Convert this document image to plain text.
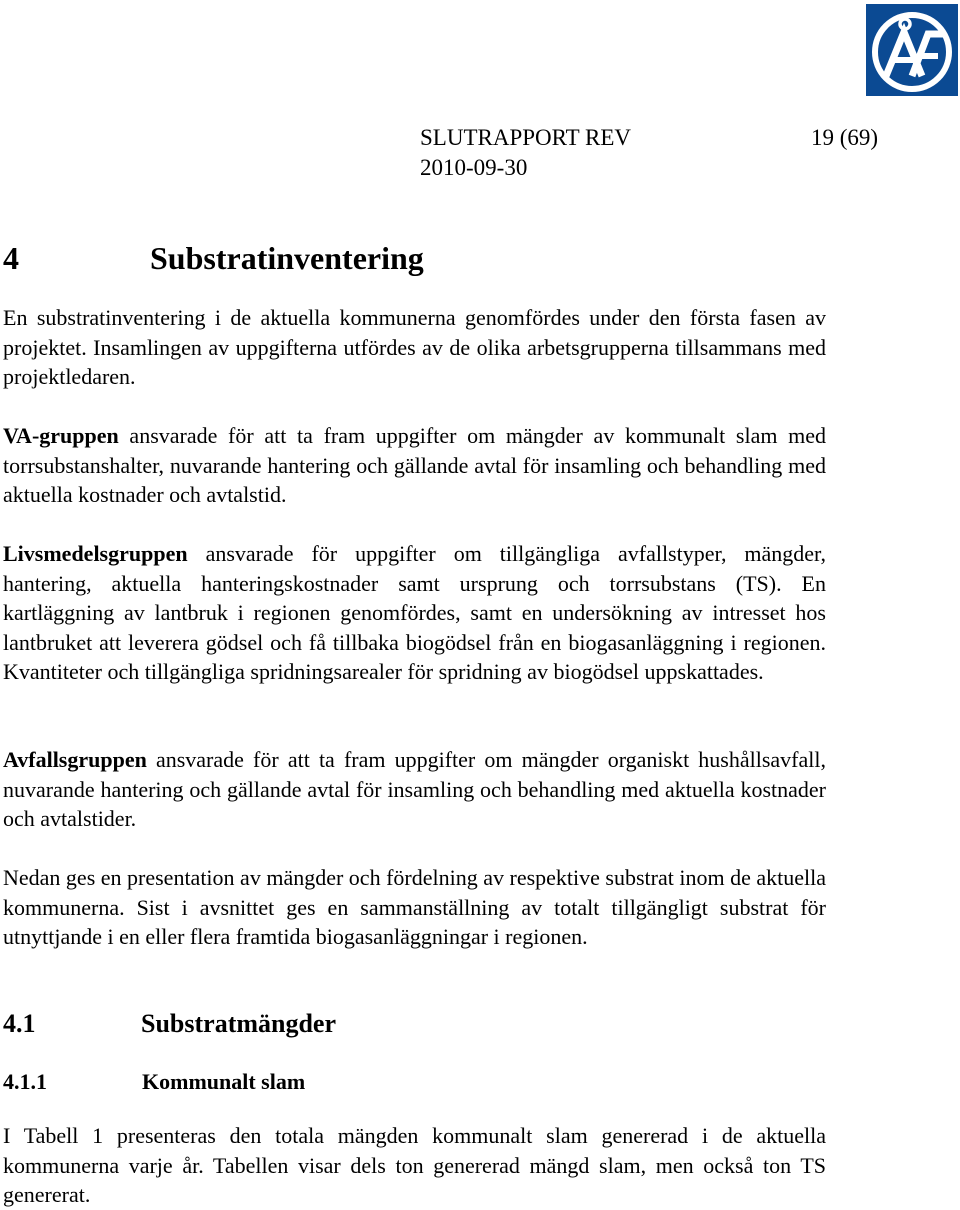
SLUTRAPPORT REV	19 (69)
2010-09-30
4	Substratinventering
En substratinventering i de aktuella kommunerna genomfördes under den första fasen av projektet. Insamlingen av uppgifterna utfördes av de olika arbetsgrupperna tillsammans med projektledaren.
VA-gruppen ansvarade för att ta fram uppgifter om mängder av kommunalt slam med torrsubstanshalter, nuvarande hantering och gällande avtal för insamling och behandling med aktuella kostnader och avtalstid.
Livsmedelsgruppen ansvarade för uppgifter om tillgängliga avfallstyper, mängder, hantering, aktuella hanteringskostnader samt ursprung och torrsubstans (TS). En kartläggning av lantbruk i regionen genomfördes, samt en undersökning av intresset hos lantbruket att leverera gödsel och få tillbaka biogödsel från en biogasanläggning i regionen. Kvantiteter och tillgängliga spridningsarealer för spridning av biogödsel uppskattades.
Avfallsgruppen ansvarade för att ta fram uppgifter om mängder organiskt hushållsavfall, nuvarande hantering och gällande avtal för insamling och behandling med aktuella kostnader och avtalstider.
Nedan ges en presentation av mängder och fördelning av respektive substrat inom de aktuella kommunerna. Sist i avsnittet ges en sammanställning av totalt tillgängligt substrat för utnyttjande i en eller flera framtida biogasanläggningar i regionen.
4.1	Substratmängder
4.1.1	Kommunalt slam
I Tabell 1 presenteras den totala mängden kommunalt slam genererad i de aktuella kommunerna varje år. Tabellen visar dels ton genererad mängd slam, men också ton TS genererat.
